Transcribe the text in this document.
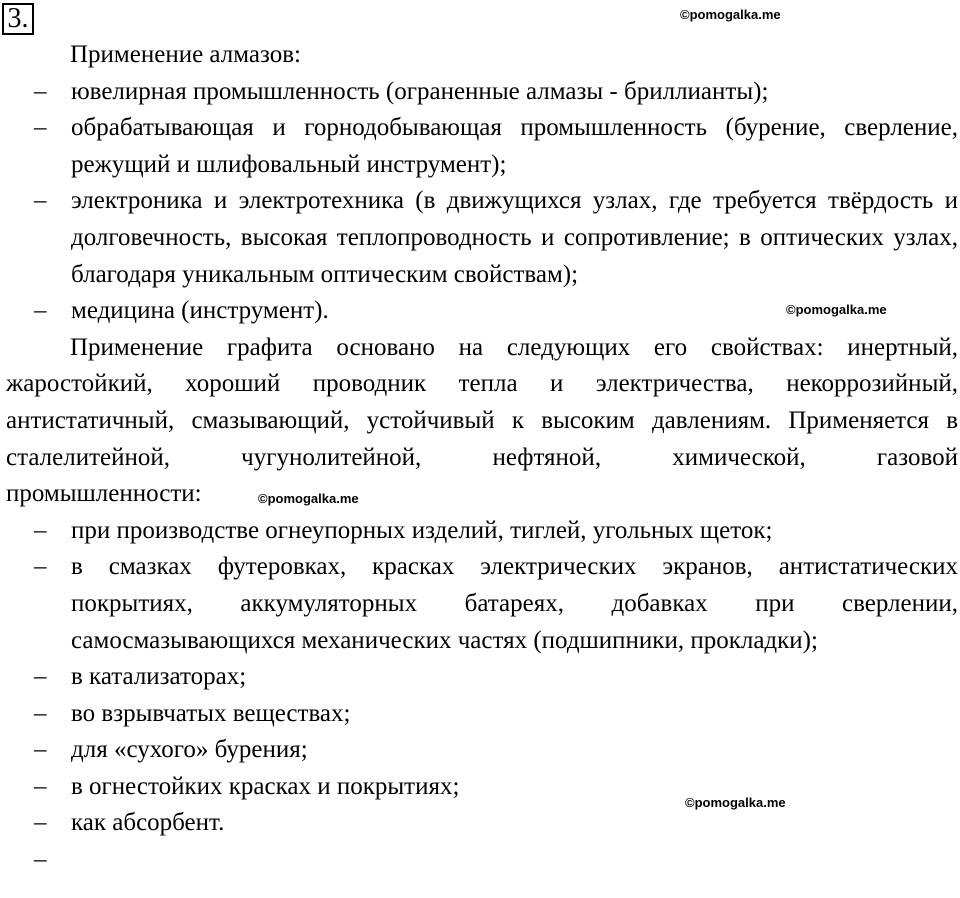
3.	©pomogalka.me
©pomogalka.me
©pomogalka.me
©pomogalka.me

Применение алмазов:

– ювелирная промышленность (ограненные алмазы - бриллианты);

– обрабатывающая и горнодобывающая промышленность (бурение, сверление, режущий и шлифовальный инструмент);

– электроника и электротехника (в движущихся узлах, где требуется твёрдость и долговечность, высокая теплопроводность и сопротивление; в оптических узлах, благодаря уникальным оптическим свойствам);

– медицина (инструмент).

Применение графита основано на следующих его свойствах: инертный, жаростойкий, хороший проводник тепла и электричества, некоррозийный, антистатичный, смазывающий, устойчивый к высоким давлениям. Применяется в сталелитейной, чугунолитейной, нефтяной, химической, газовой

промышленности:

– при производстве огнеупорных изделий, тиглей, угольных щеток;

– в смазках футеровках, красках электрических экранов, антистатических покрытиях, аккумуляторных батареях, добавках при сверлении, самосмазывающихся механических частях (подшипники, прокладки);

– в катализаторах;

– во взрывчатых веществах;

– для «сухого» бурения;

– в огнестойких красках и покрытиях;

– как абсорбент.

–
